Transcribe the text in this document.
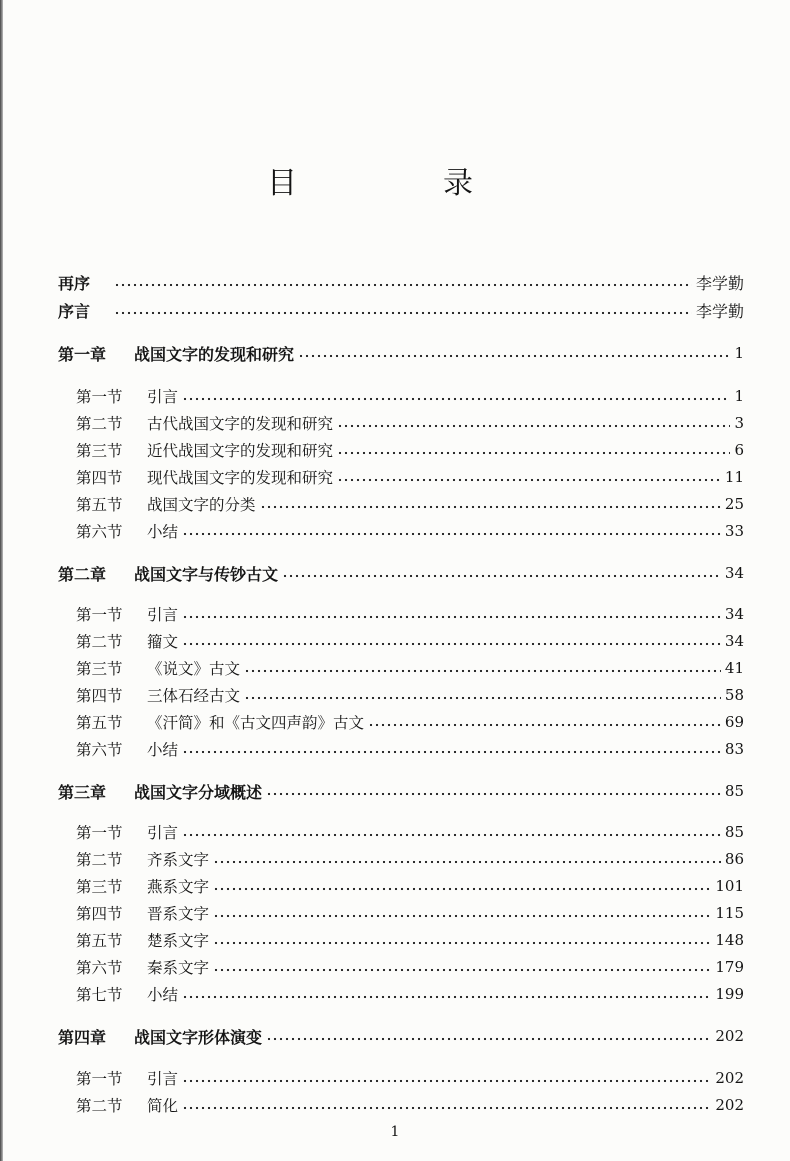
目　录
再序	李学勤
序言	李学勤
第一章	战国文字的发现和研究	1
第一节	引言	1
第二节	古代战国文字的发现和研究	3
第三节	近代战国文字的发现和研究	6
第四节	现代战国文字的发现和研究	11
第五节	战国文字的分类	25
第六节	小结	33
第二章	战国文字与传钞古文	34
第一节	引言	34
第二节	籀文	34
第三节	《说文》古文	41
第四节	三体石经古文	58
第五节	《汗简》和《古文四声韵》古文	69
第六节	小结	83
第三章	战国文字分域概述	85
第一节	引言	85
第二节	齐系文字	86
第三节	燕系文字	101
第四节	晋系文字	115
第五节	楚系文字	148
第六节	秦系文字	179
第七节	小结	199
第四章	战国文字形体演变	202
第一节	引言	202
第二节	简化	202
1
